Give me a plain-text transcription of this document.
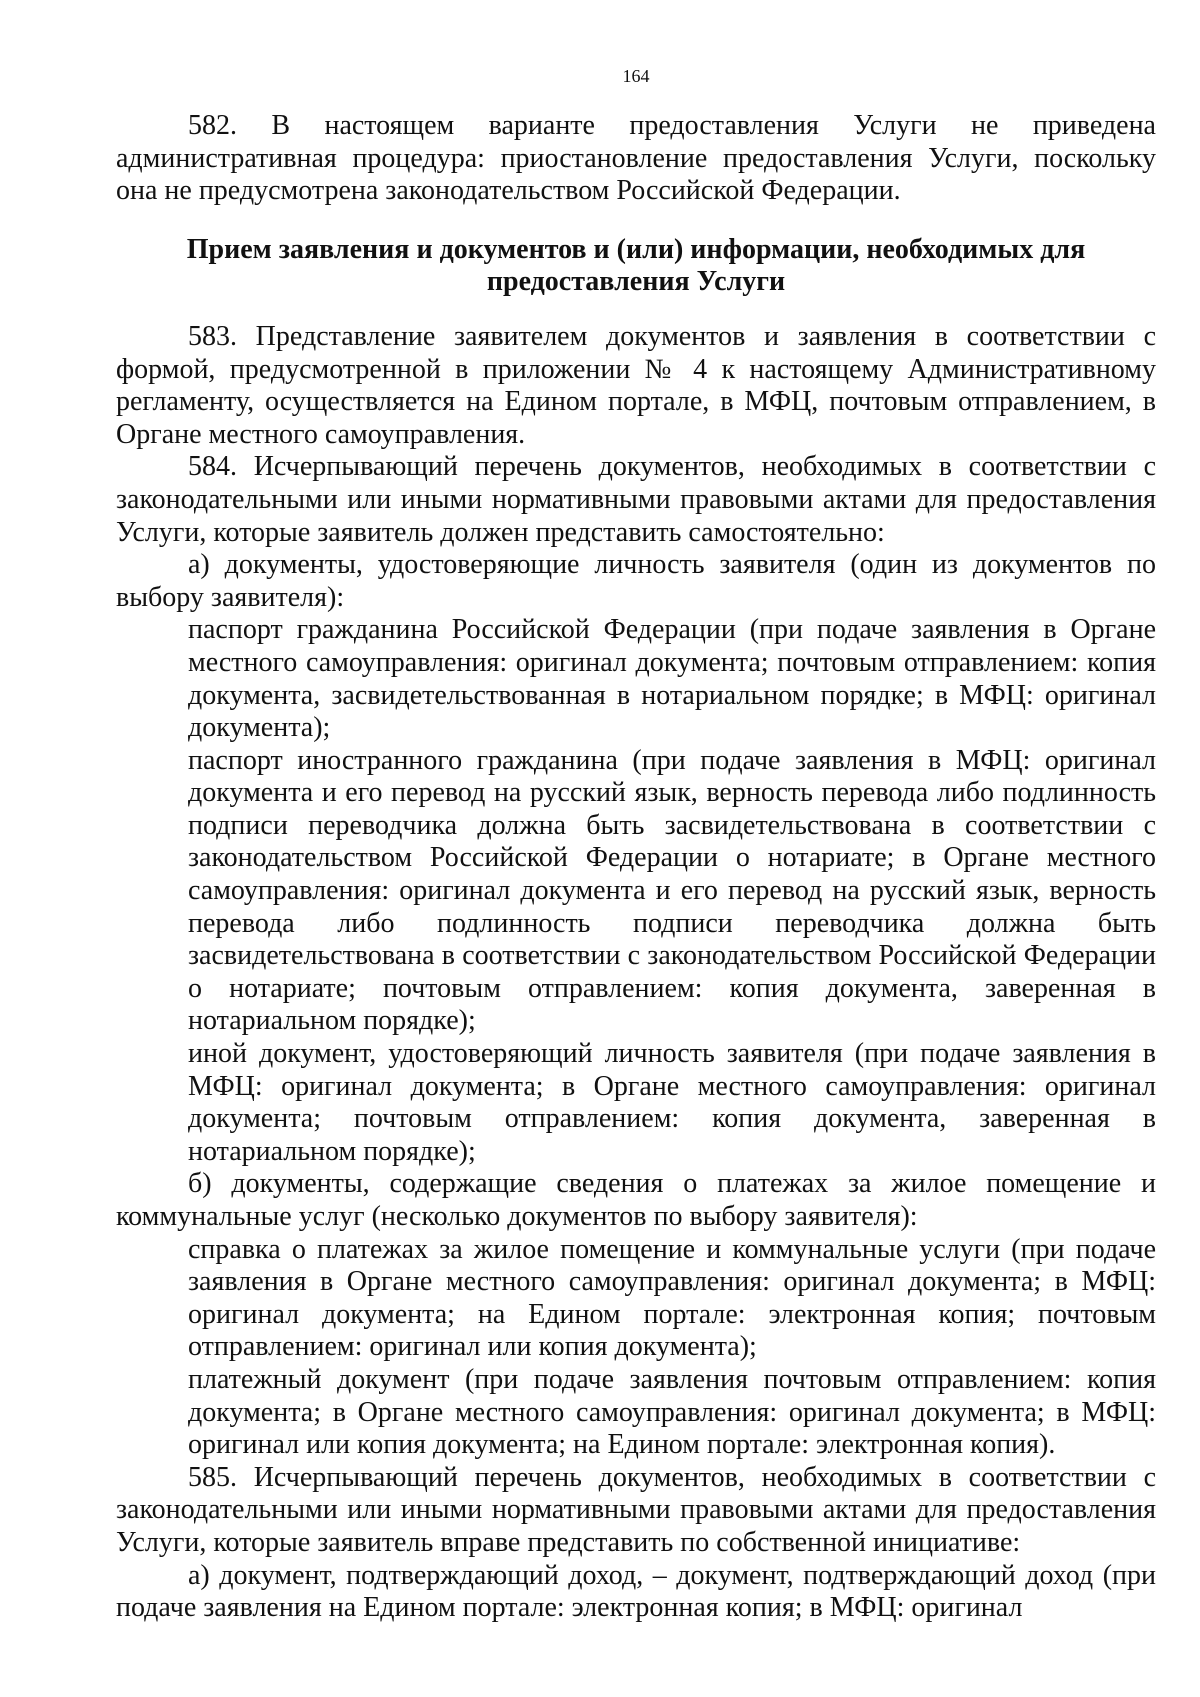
164

582. В настоящем варианте предоставления Услуги не приведена административная процедура: приостановление предоставления Услуги, поскольку она не предусмотрена законодательством Российской Федерации.

Прием заявления и документов и (или) информации, необходимых для предоставления Услуги

583. Представление заявителем документов и заявления в соответствии с формой, предусмотренной в приложении № 4 к настоящему Административному регламенту, осуществляется на Едином портале, в МФЦ, почтовым отправлением, в Органе местного самоуправления.

584. Исчерпывающий перечень документов, необходимых в соответствии с законодательными или иными нормативными правовыми актами для предоставления Услуги, которые заявитель должен представить самостоятельно:

а) документы, удостоверяющие личность заявителя (один из документов по выбору заявителя):

паспорт гражданина Российской Федерации (при подаче заявления в Органе местного самоуправления: оригинал документа; почтовым отправлением: копия документа, засвидетельствованная в нотариальном порядке; в МФЦ: оригинал документа);

паспорт иностранного гражданина (при подаче заявления в МФЦ: оригинал документа и его перевод на русский язык, верность перевода либо подлинность подписи переводчика должна быть засвидетельствована в соответствии с законодательством Российской Федерации о нотариате; в Органе местного самоуправления: оригинал документа и его перевод на русский язык, верность перевода либо подлинность подписи переводчика должна быть засвидетельствована в соответствии с законодательством Российской Федерации о нотариате; почтовым отправлением: копия документа, заверенная в нотариальном порядке);

иной документ, удостоверяющий личность заявителя (при подаче заявления в МФЦ: оригинал документа; в Органе местного самоуправления: оригинал документа; почтовым отправлением: копия документа, заверенная в нотариальном порядке);

б) документы, содержащие сведения о платежах за жилое помещение и коммунальные услуг (несколько документов по выбору заявителя):

справка о платежах за жилое помещение и коммунальные услуги (при подаче заявления в Органе местного самоуправления: оригинал документа; в МФЦ: оригинал документа; на Едином портале: электронная копия; почтовым отправлением: оригинал или копия документа);

платежный документ (при подаче заявления почтовым отправлением: копия документа; в Органе местного самоуправления: оригинал документа; в МФЦ: оригинал или копия документа; на Едином портале: электронная копия).

585. Исчерпывающий перечень документов, необходимых в соответствии с законодательными или иными нормативными правовыми актами для предоставления Услуги, которые заявитель вправе представить по собственной инициативе:

а) документ, подтверждающий доход, – документ, подтверждающий доход (при подаче заявления на Едином портале: электронная копия; в МФЦ: оригинал
